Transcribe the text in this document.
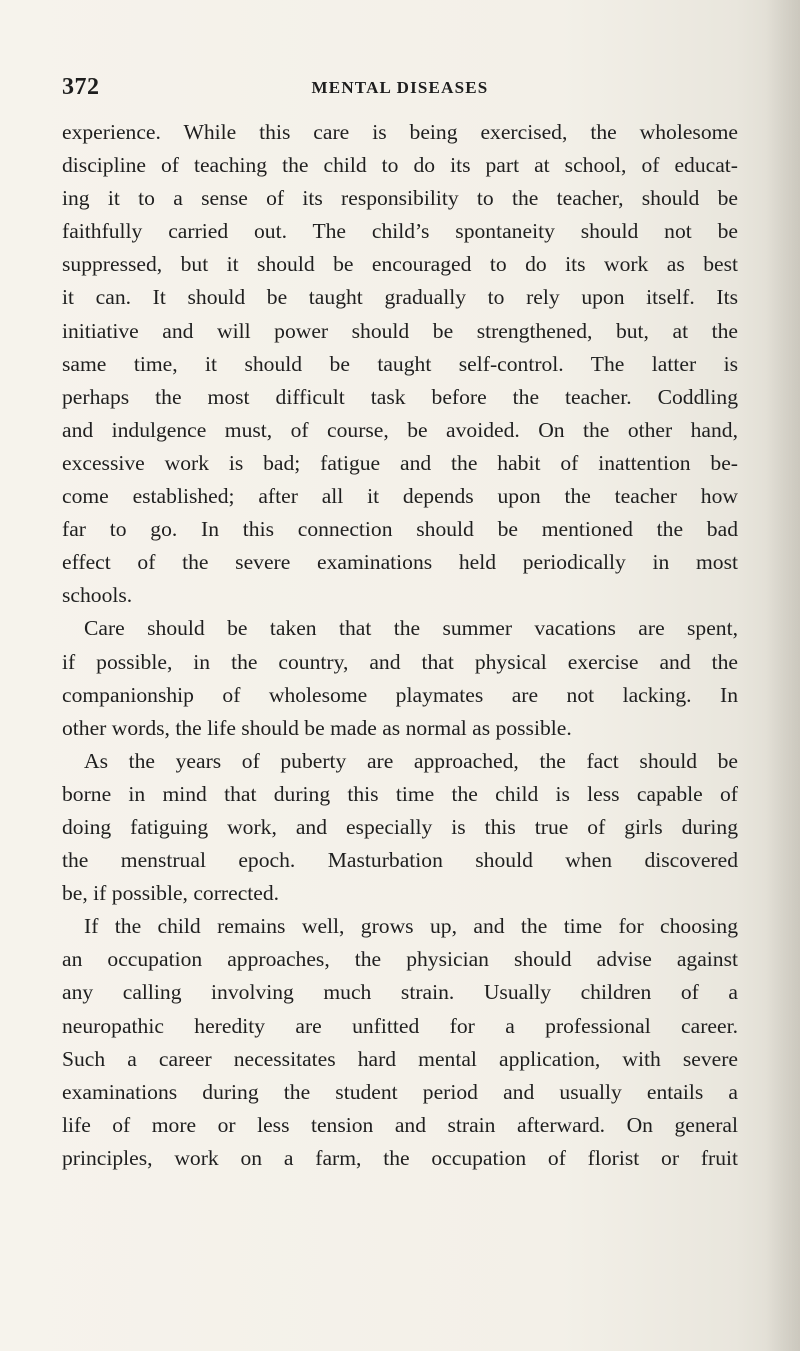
372	MENTAL DISEASES
experience. While this care is being exercised, the wholesome
discipline of teaching the child to do its part at school, of educat-
ing it to a sense of its responsibility to the teacher, should be
faithfully carried out. The child’s spontaneity should not be
suppressed, but it should be encouraged to do its work as best
it can. It should be taught gradually to rely upon itself. Its
initiative and will power should be strengthened, but, at the
same time, it should be taught self-control. The latter is
perhaps the most difficult task before the teacher. Coddling
and indulgence must, of course, be avoided. On the other hand,
excessive work is bad; fatigue and the habit of inattention be-
come established; after all it depends upon the teacher how
far to go. In this connection should be mentioned the bad
effect of the severe examinations held periodically in most
schools.
Care should be taken that the summer vacations are spent,
if possible, in the country, and that physical exercise and the
companionship of wholesome playmates are not lacking. In
other words, the life should be made as normal as possible.
As the years of puberty are approached, the fact should be
borne in mind that during this time the child is less capable of
doing fatiguing work, and especially is this true of girls during
the menstrual epoch. Masturbation should when discovered
be, if possible, corrected.
If the child remains well, grows up, and the time for choosing
an occupation approaches, the physician should advise against
any calling involving much strain. Usually children of a
neuropathic heredity are unfitted for a professional career.
Such a career necessitates hard mental application, with severe
examinations during the student period and usually entails a
life of more or less tension and strain afterward. On general
principles, work on a farm, the occupation of florist or fruit
